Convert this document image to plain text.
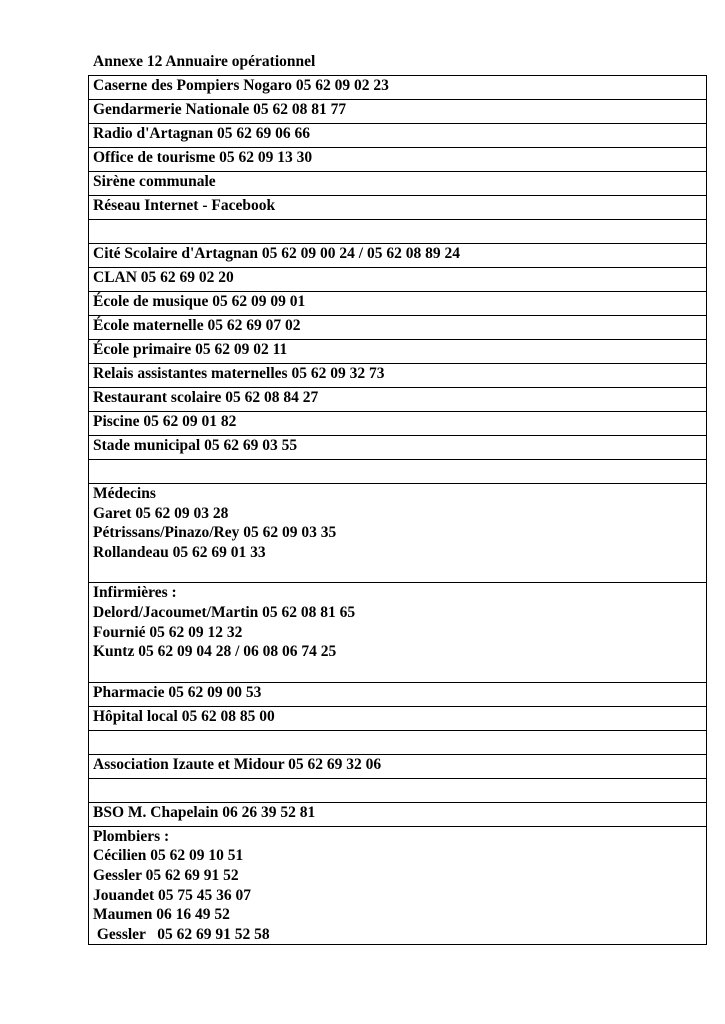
Annexe 12 Annuaire opérationnel
Caserne des Pompiers Nogaro 05 62 09 02 23
Gendarmerie Nationale 05 62 08 81 77
Radio d'Artagnan 05 62 69 06 66
Office de tourisme 05 62 09 13 30
Sirène communale
Réseau Internet - Facebook

Cité Scolaire d'Artagnan 05 62 09 00 24 / 05 62 08 89 24
CLAN 05 62 69 02 20
École de musique 05 62 09 09 01
École maternelle 05 62 69 07 02
École primaire 05 62 09 02 11
Relais assistantes maternelles 05 62 09 32 73
Restaurant scolaire 05 62 08 84 27
Piscine 05 62 09 01 82
Stade municipal 05 62 69 03 55

Médecins
Garet 05 62 09 03 28
Pétrissans/Pinazo/Rey 05 62 09 03 35
Rollandeau 05 62 69 01 33

Infirmières :
Delord/Jacoumet/Martin 05 62 08 81 65
Fournié 05 62 09 12 32
Kuntz 05 62 09 04 28 / 06 08 06 74 25

Pharmacie 05 62 09 00 53
Hôpital local 05 62 08 85 00

Association Izaute et Midour 05 62 69 32 06

BSO M. Chapelain 06 26 39 52 81

Plombiers :
Cécilien 05 62 09 10 51
Gessler 05 62 69 91 52
Jouandet 05 75 45 36 07
Maumen 06 16 49 52
Gessler   05 62 69 91 52 58
